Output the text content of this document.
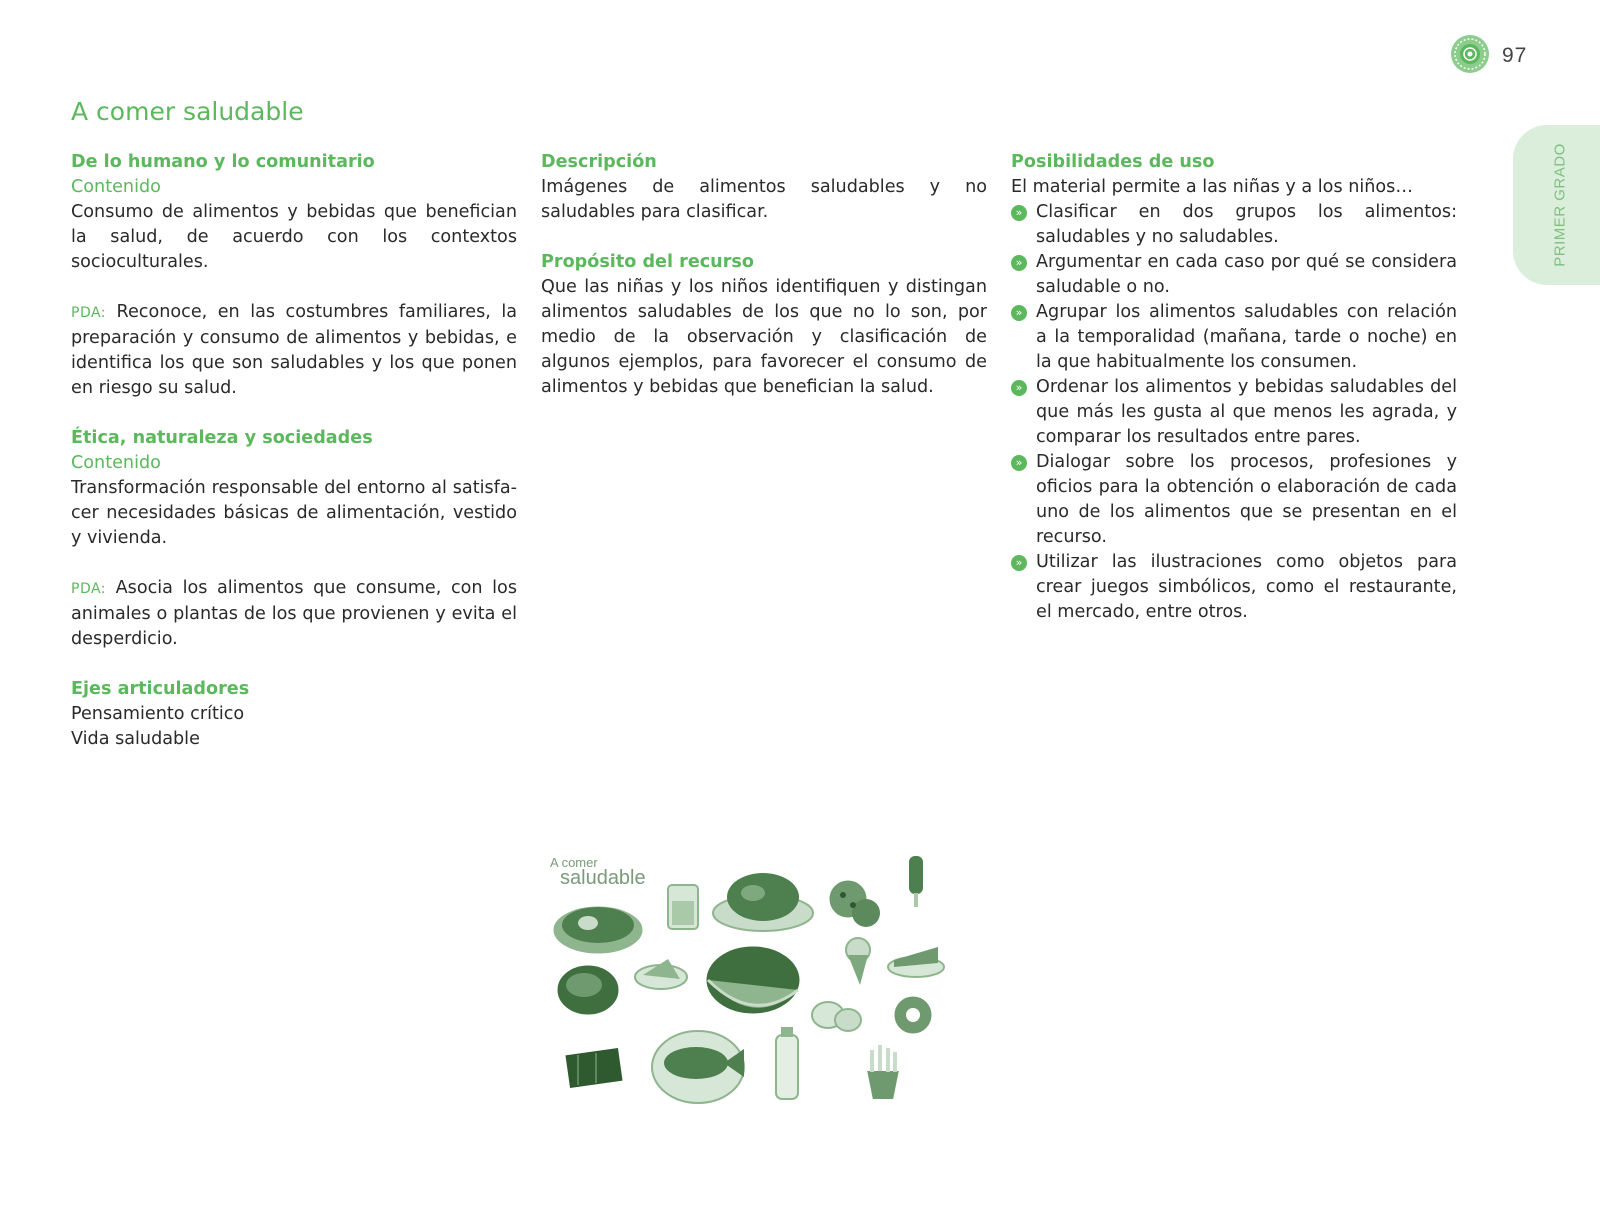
97
PRIMER GRADO
A comer saludable

De lo humano y lo comunitario

Contenido

Consumo de alimentos y bebidas que benefician la salud, de acuerdo con los contextos socioculturales.

PDA: Reconoce, en las costumbres familiares, la preparación y consumo de alimentos y bebidas, e identifica los que son saludables y los que ponen en riesgo su salud.

Ética, naturaleza y sociedades

Contenido

Transformación responsable del entorno al satisfacer necesidades básicas de alimentación, vestido y vivienda.

PDA: Asocia los alimentos que consume, con los animales o plantas de los que provienen y evita el desperdicio.

Ejes articuladores

Pensamiento crítico

Vida saludable

Descripción

Imágenes de alimentos saludables y no saludables para clasificar.

Propósito del recurso

Que las niñas y los niños identifiquen y distingan alimentos saludables de los que no lo son, por medio de la observación y clasificación de algunos ejemplos, para favorecer el consumo de alimentos y bebidas que benefician la salud.

Posibilidades de uso

El material permite a las niñas y a los niños…

» Clasificar en dos grupos los alimentos: saludables y no saludables.
» Argumentar en cada caso por qué se considera saludable o no.
» Agrupar los alimentos saludables con relación a la temporalidad (mañana, tarde o noche) en la que habitualmente los consumen.
» Ordenar los alimentos y bebidas saludables del que más les gusta al que menos les agrada, y comparar los resultados entre pares.
» Dialogar sobre los procesos, profesiones y oficios para la obtención o elaboración de cada uno de los alimentos que se presentan en el recurso.
» Utilizar las ilustraciones como objetos para crear juegos simbólicos, como el restaurante, el mercado, entre otros.
A comer
saludable
